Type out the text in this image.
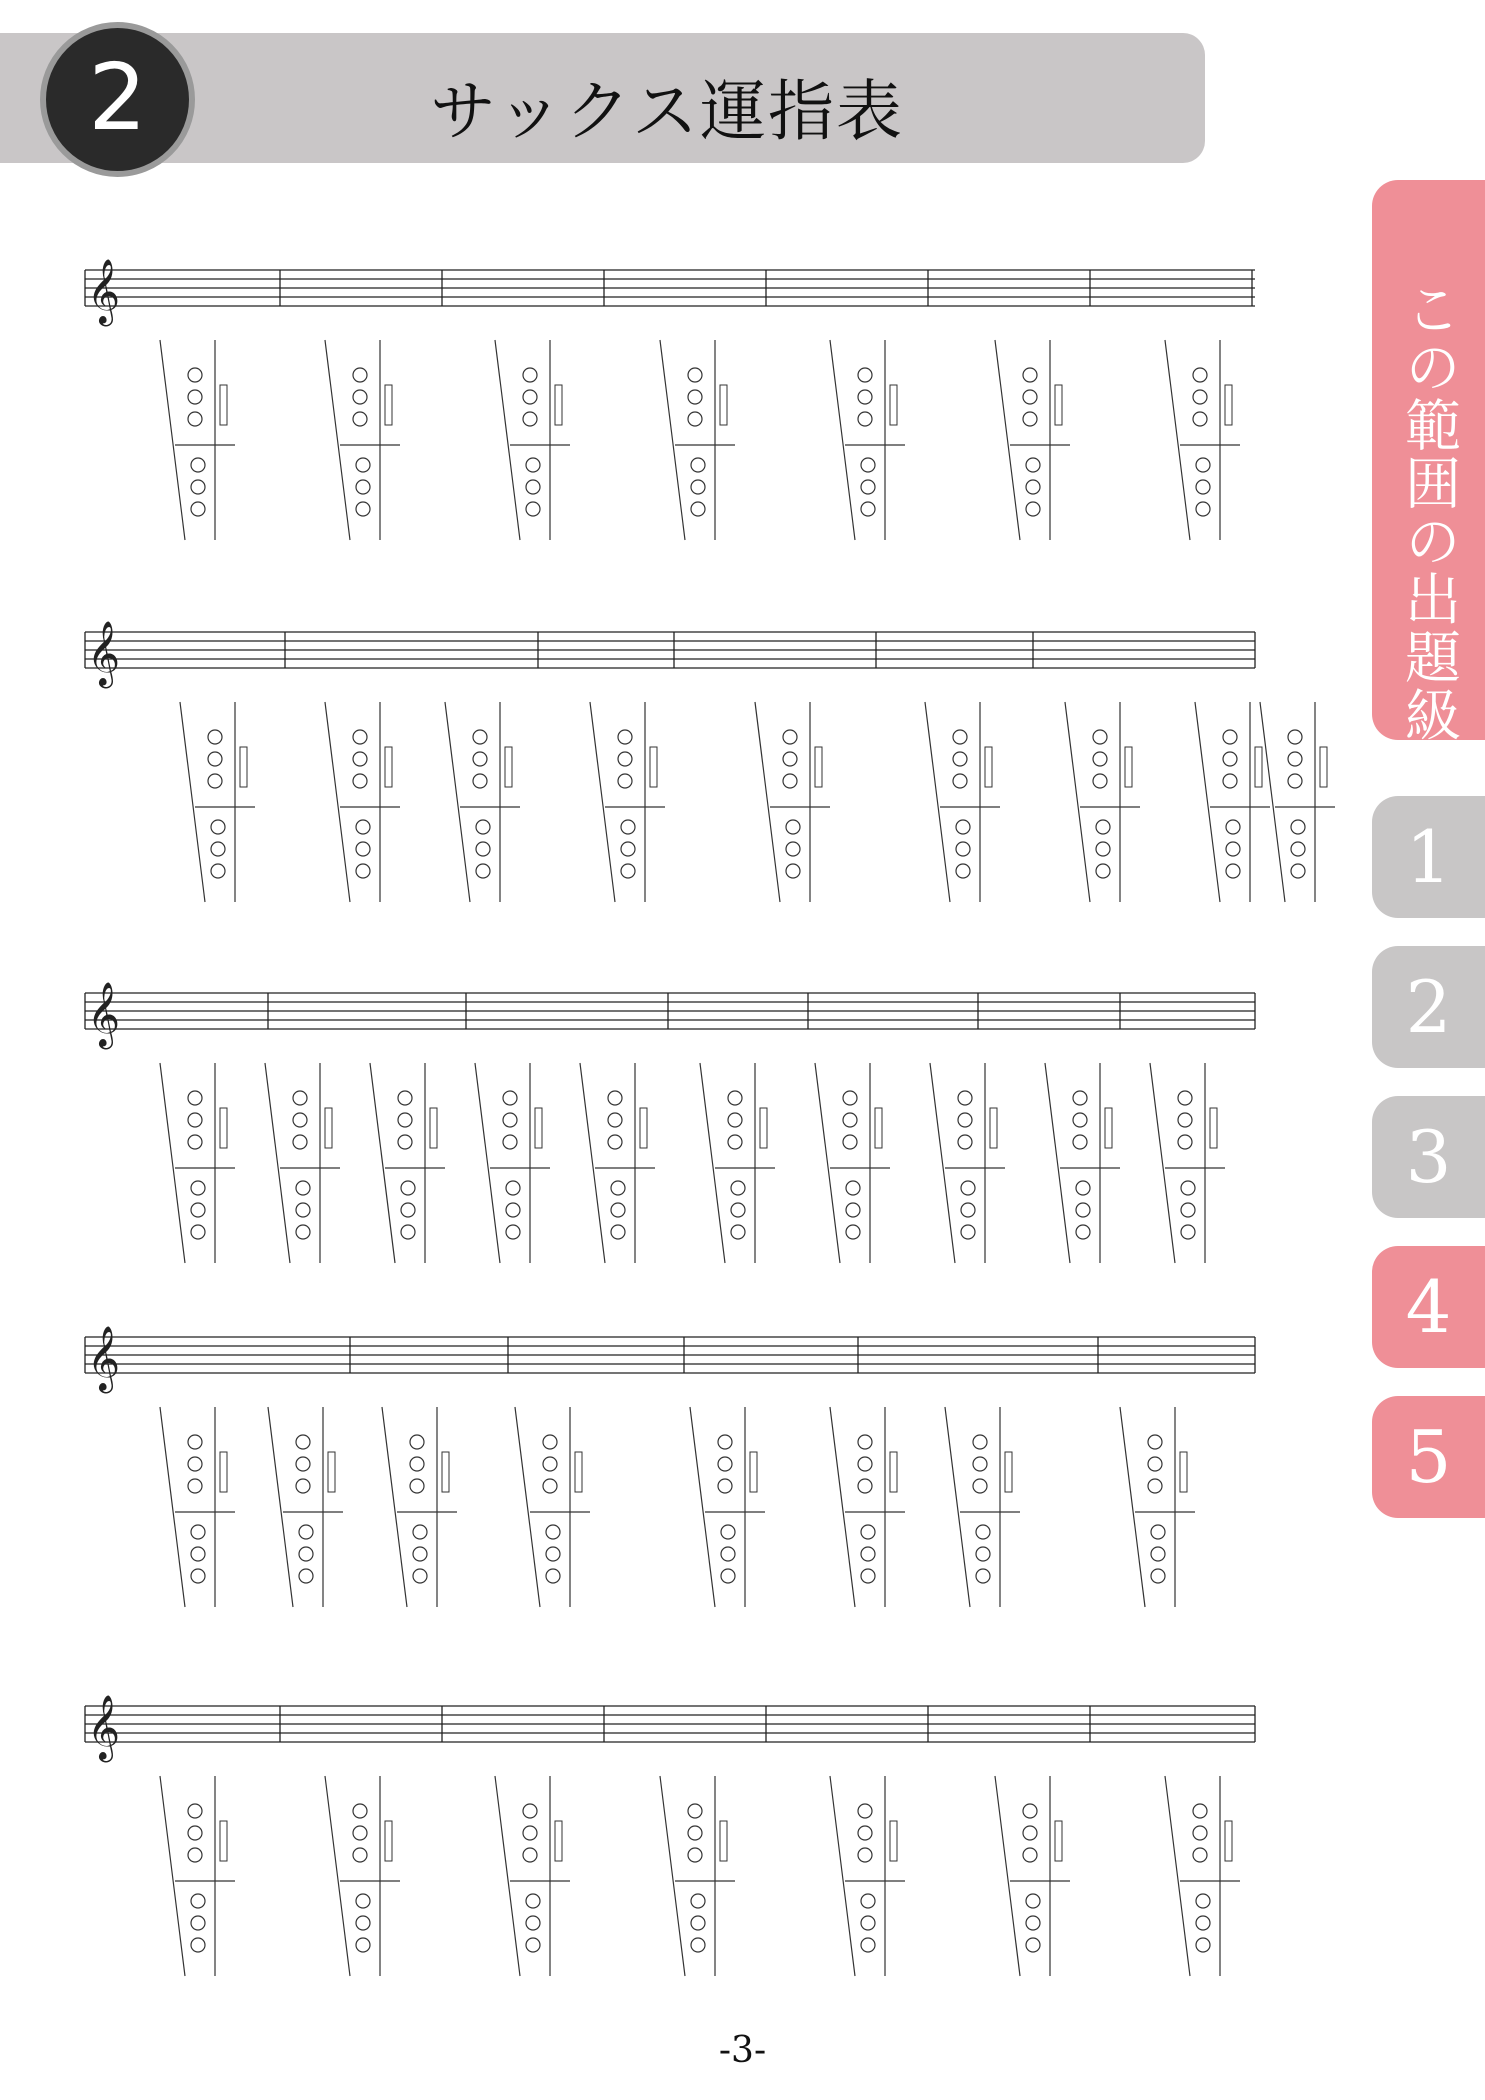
2	サックス運指表
この範囲の出題級
1
2
3
4
5
𝄞
𝄞
𝄞
𝄞
𝄞
-3-
